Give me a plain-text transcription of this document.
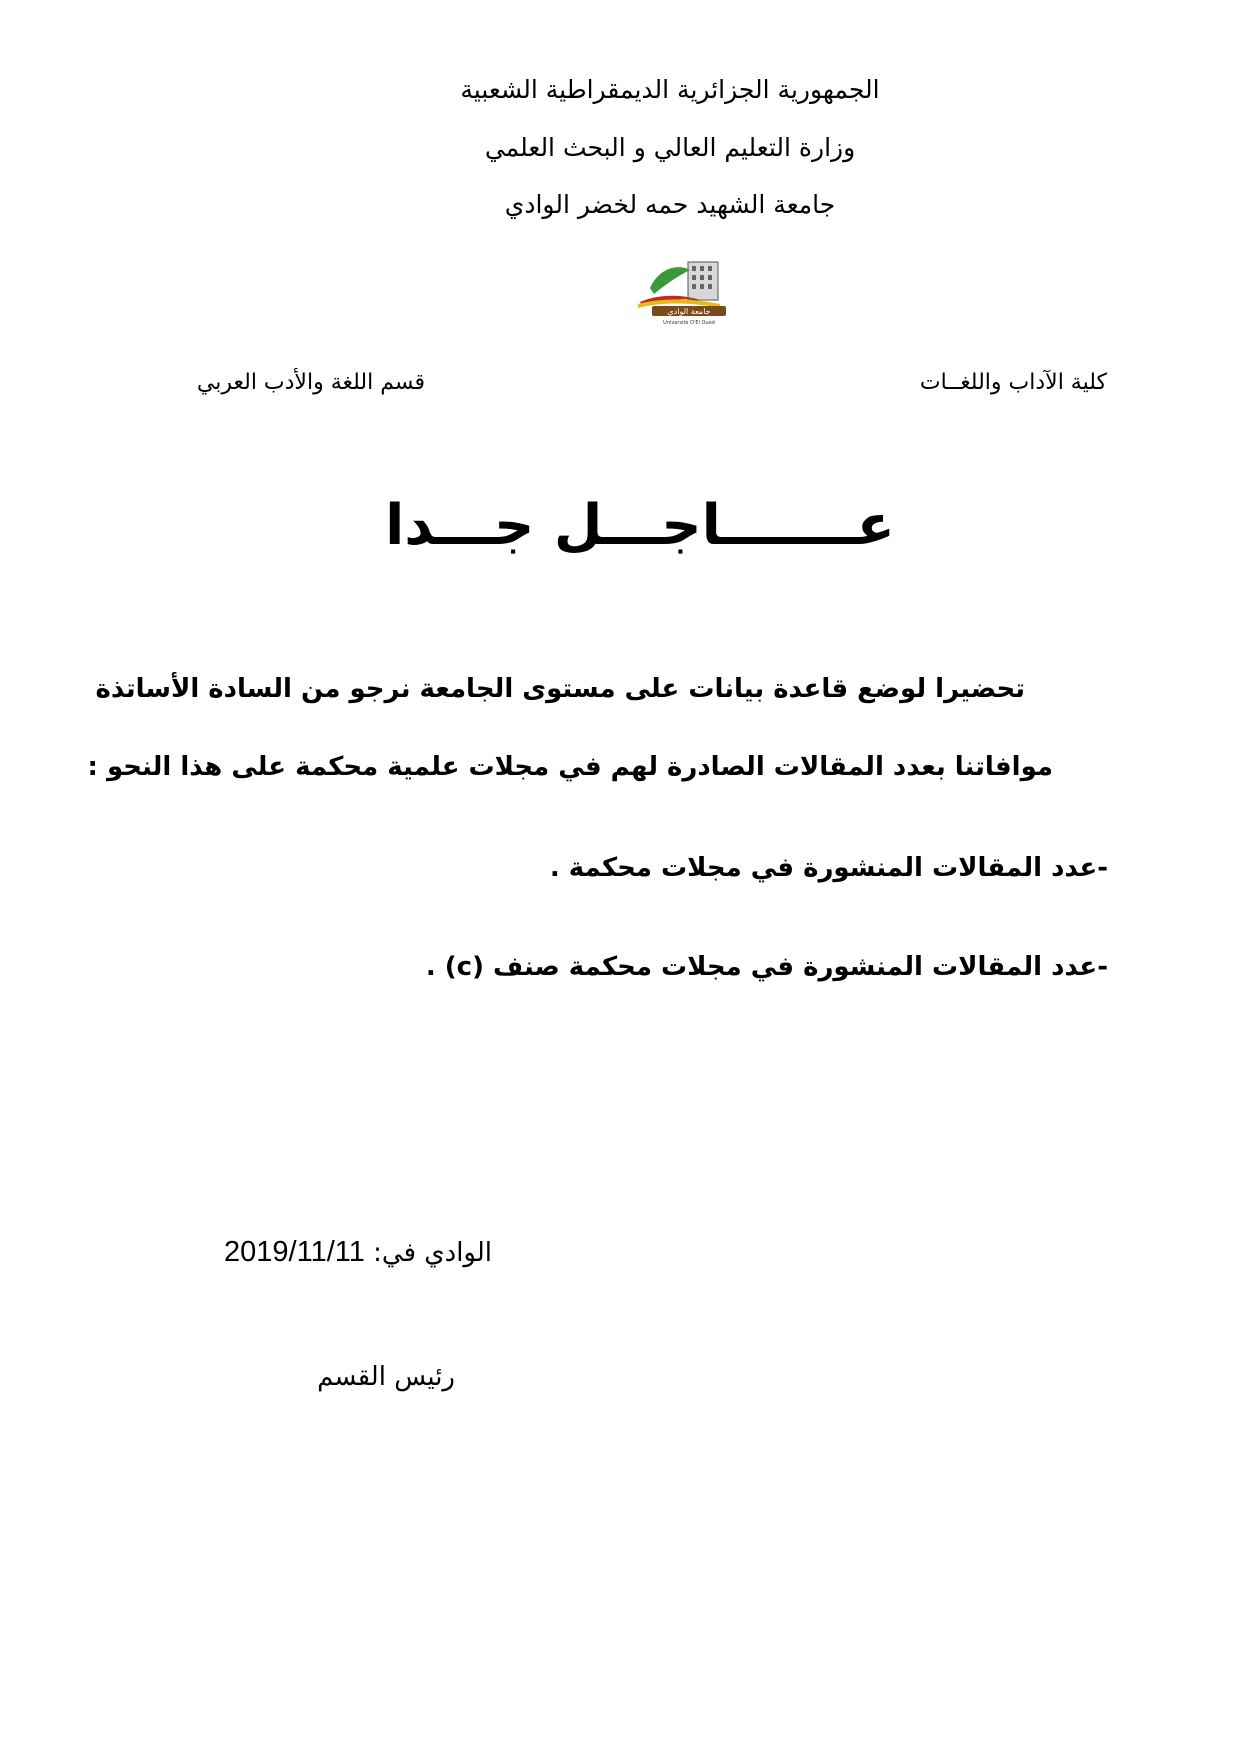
الجمهورية الجزائرية الديمقراطية الشعبية
وزارة التعليم العالي و البحث العلمي
جامعة الشهيد حمه لخضر الوادي
جامعة الوادي
Université D'El Oued
كلية الآداب واللغــات
قسم اللغة والأدب العربي
عـــــــاجـــل جـــدا
تحضيرا لوضع قاعدة بيانات على مستوى الجامعة نرجو من السادة الأساتذة
موافاتنا بعدد المقالات الصادرة لهم في مجلات علمية محكمة على هذا النحو :
-عدد المقالات المنشورة في مجلات محكمة .
-عدد المقالات المنشورة في مجلات محكمة صنف (c) .
الوادي في: 2019/11/11
رئيس القسم
